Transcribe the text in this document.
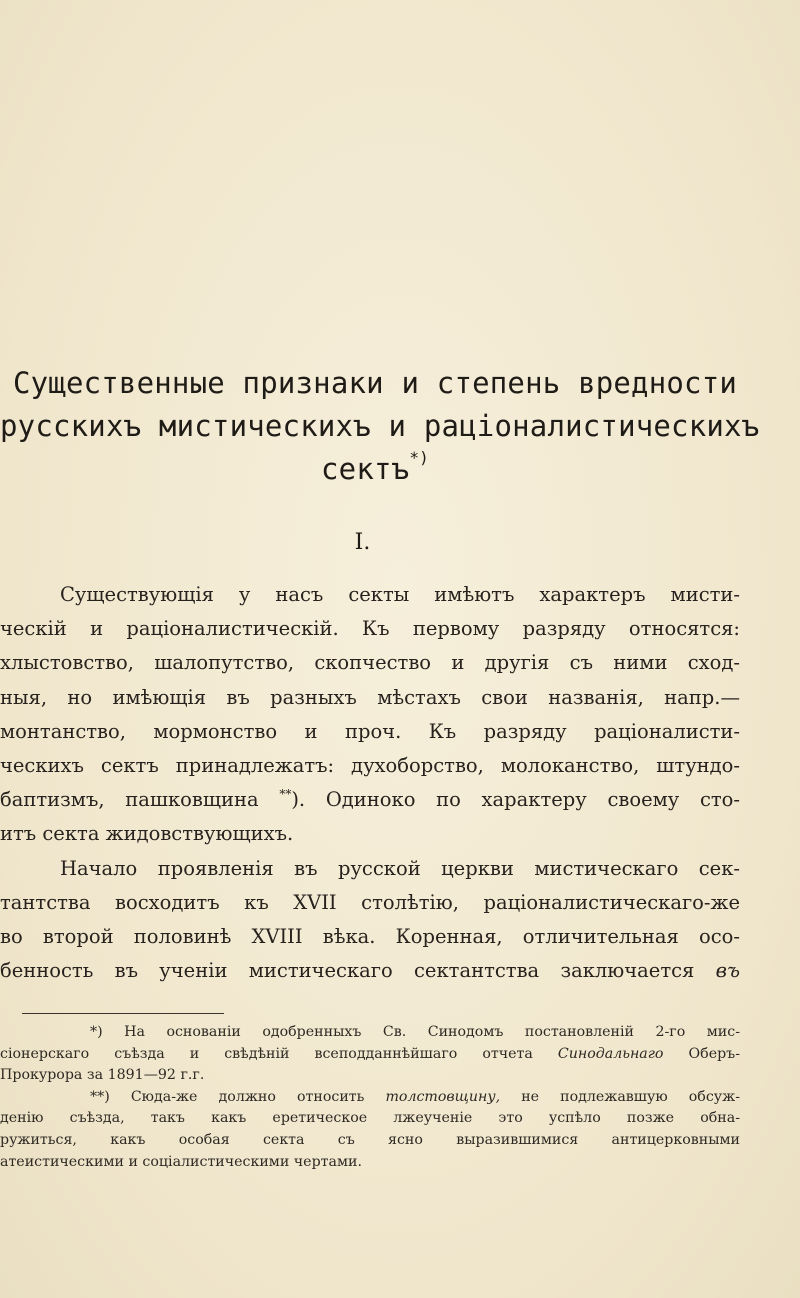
Существенные признаки и степень вредности
русскихъ мистическихъ и раціоналистическихъ
сектъ*)
I.
Существующія у насъ секты имѣютъ характеръ мисти-
ческій и раціоналистическій. Къ первому разряду относятся:
хлыстовство, шалопутство, скопчество и другія съ ними сход-
ныя, но имѣющія въ разныхъ мѣстахъ свои названія, напр.—
монтанство, мормонство и проч. Къ разряду раціоналисти-
ческихъ сектъ принадлежатъ: духоборство, молоканство, штундо-
баптизмъ, пашковщина **). Одиноко по характеру своему сто-
итъ секта жидовствующихъ.
Начало проявленія въ русской церкви мистическаго сек-
тантства восходитъ къ XVII столѣтію, раціоналистическаго-же
во второй половинѣ XVIII вѣка. Коренная, отличительная осо-
бенность въ ученіи мистическаго сектантства заключается въ
*) На основаніи одобренныхъ Св. Синодомъ постановленій 2-го мис-
сіонерскаго съѣзда и свѣдѣній всеподданнѣйшаго отчета Синодальнаго Оберъ-
Прокурора за 1891—92 г.г.
**) Сюда-же должно относить толстовщину, не подлежавшую обсуж-
денію съѣзда, такъ какъ еретическое лжеученіе это успѣло позже обна-
ружиться, какъ особая секта съ ясно выразившимися антицерковными
атеистическими и соціалистическими чертами.
